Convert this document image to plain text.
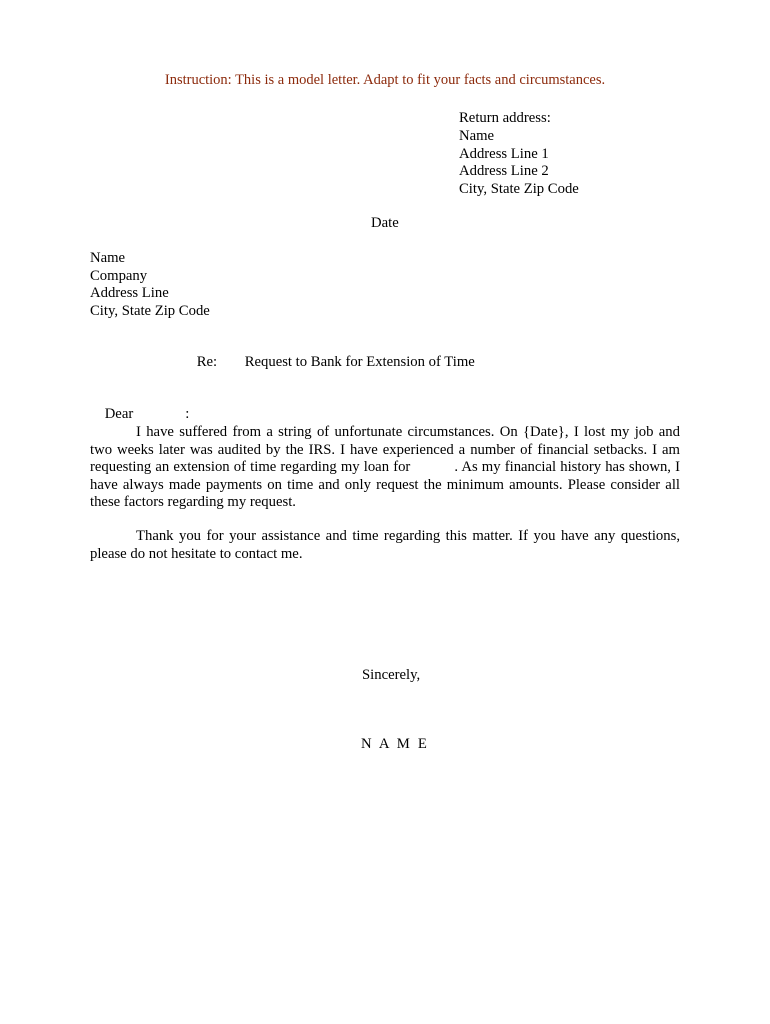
Instruction: This is a model letter. Adapt to fit your facts and circumstances.
Return address:
Name
Address Line 1
Address Line 2
City, State Zip Code
Date
Name
Company
Address Line
City, State Zip Code

Re: Request to Bank for Extension of Time

Dear	:

I have suffered from a string of unfortunate circumstances. On {Date}, I lost my job and two weeks later was audited by the IRS. I have experienced a number of financial setbacks. I am requesting an extension of time regarding my loan for	. As my financial history has shown, I have always made payments on time and only request the minimum amounts. Please consider all these factors regarding my request.
Thank you for your assistance and time regarding this matter. If you have any questions, please do not hesitate to contact me.
Sincerely,
N A M E
